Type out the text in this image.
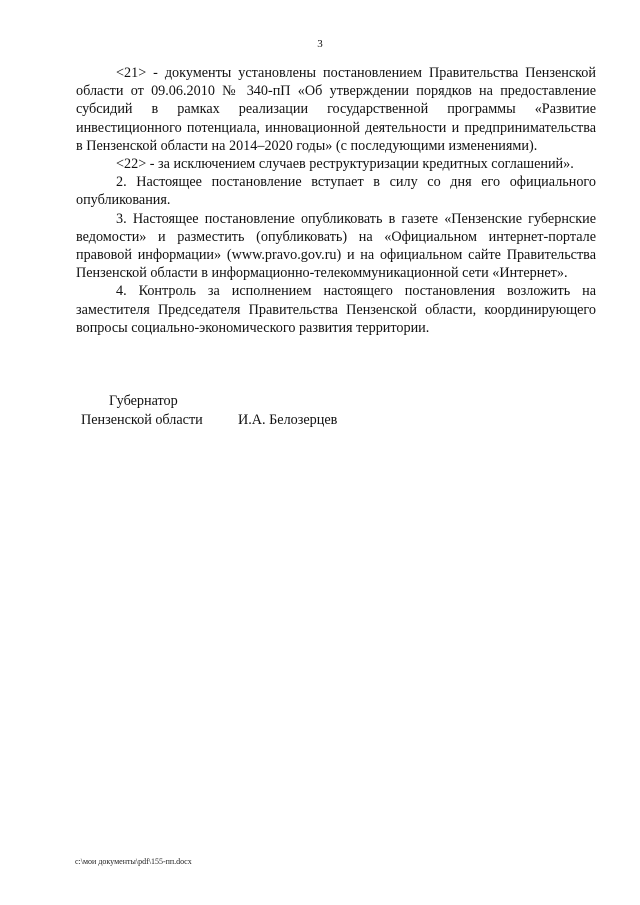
3

<21> - документы установлены постановлением Правительства Пензенской области от 09.06.2010 № 340-пП «Об утверждении порядков на предоставление субсидий в рамках реализации государственной программы «Развитие инвестиционного потенциала, инновационной деятельности и предпринимательства в Пензенской области на 2014–2020 годы» (с последующими изменениями).

<22> - за исключением случаев реструктуризации кредитных соглашений».

2. Настоящее постановление вступает в силу со дня его официального опубликования.

3. Настоящее постановление опубликовать в газете «Пензенские губернские ведомости» и разместить (опубликовать) на «Официальном интернет-портале правовой информации» (www.pravo.gov.ru) и на официальном сайте Правительства Пензенской области в информационно-телекоммуникационной сети «Интернет».

4. Контроль за исполнением настоящего постановления возложить на заместителя Председателя Правительства Пензенской области, координирующего вопросы социально-экономического развития территории.

Губернатор
Пензенской области И.А. Белозерцев
c:\мои документы\pdf\155-пп.docx
